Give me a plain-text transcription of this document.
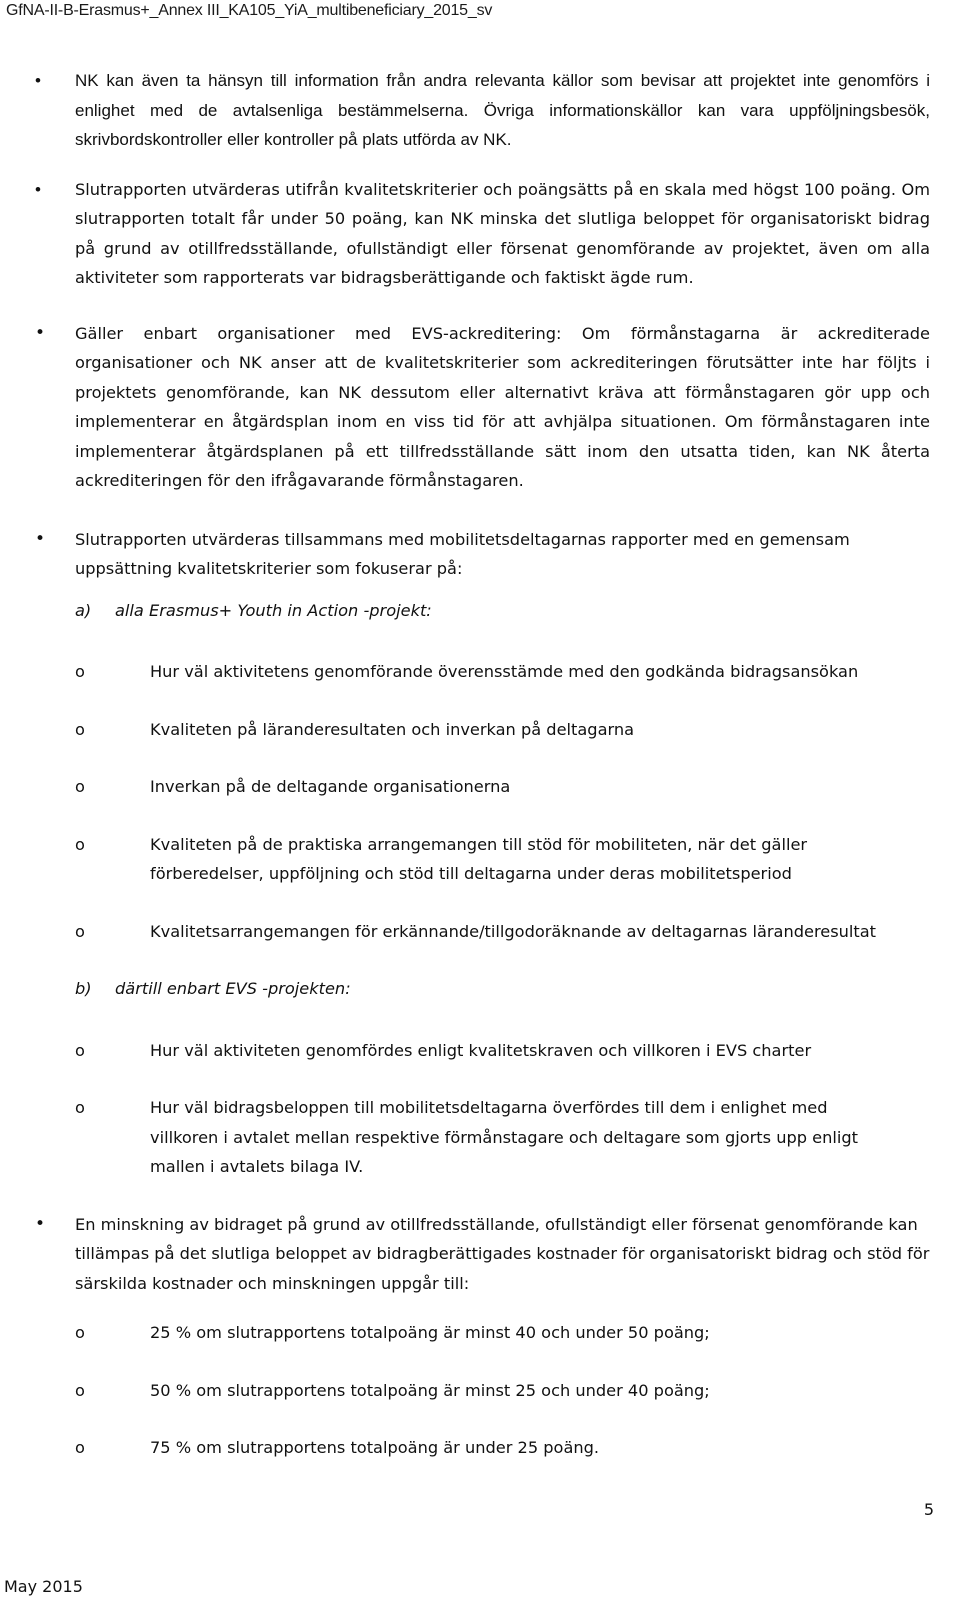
GfNA-II-B-Erasmus+_Annex III_KA105_YiA_multibeneficiary_2015_sv
• NK kan även ta hänsyn till information från andra relevanta källor som bevisar att projektet inte genomförs i enlighet med de avtalsenliga bestämmelserna. Övriga informationskällor kan vara uppföljningsbesök, skrivbordskontroller eller kontroller på plats utförda av NK.
• Slutrapporten utvärderas utifrån kvalitetskriterier och poängsätts på en skala med högst 100 poäng. Om slutrapporten totalt får under 50 poäng, kan NK minska det slutliga beloppet för organisatoriskt bidrag på grund av otillfredsställande, ofullständigt eller försenat genomförande av projektet, även om alla aktiviteter som rapporterats var bidragsberättigande och faktiskt ägde rum.
• Gäller enbart organisationer med EVS-ackreditering: Om förmånstagarna är ackrediterade organisationer och NK anser att de kvalitetskriterier som ackrediteringen förutsätter inte har följts i projektets genomförande, kan NK dessutom eller alternativt kräva att förmånstagaren gör upp och implementerar en åtgärdsplan inom en viss tid för att avhjälpa situationen. Om förmånstagaren inte implementerar åtgärdsplanen på ett tillfredsställande sätt inom den utsatta tiden, kan NK återta ackrediteringen för den ifrågavarande förmånstagaren.
• Slutrapporten utvärderas tillsammans med mobilitetsdeltagarnas rapporter med en gemensam uppsättning kvalitetskriterier som fokuserar på:
a) alla Erasmus+ Youth in Action -projekt:
o	Hur väl aktivitetens genomförande överensstämde med den godkända bidragsansökan
o	Kvaliteten på läranderesultaten och inverkan på deltagarna
o	Inverkan på de deltagande organisationerna
o	Kvaliteten på de praktiska arrangemangen till stöd för mobiliteten, när det gäller förberedelser, uppföljning och stöd till deltagarna under deras mobilitetsperiod
o	Kvalitetsarrangemangen för erkännande/tillgodoräknande av deltagarnas läranderesultat
b) därtill enbart EVS -projekten:
o	Hur väl aktiviteten genomfördes enligt kvalitetskraven och villkoren i EVS charter
o	Hur väl bidragsbeloppen till mobilitetsdeltagarna överfördes till dem i enlighet med villkoren i avtalet mellan respektive förmånstagare och deltagare som gjorts upp enligt mallen i avtalets bilaga IV.
• En minskning av bidraget på grund av otillfredsställande, ofullständigt eller försenat genomförande kan tillämpas på det slutliga beloppet av bidragberättigades kostnader för organisatoriskt bidrag och stöd för särskilda kostnader och minskningen uppgår till:
o	25 % om slutrapportens totalpoäng är minst 40 och under 50 poäng;
o	50 % om slutrapportens totalpoäng är minst 25 och under 40 poäng;
o	75 % om slutrapportens totalpoäng är under 25 poäng.
5
May 2015
